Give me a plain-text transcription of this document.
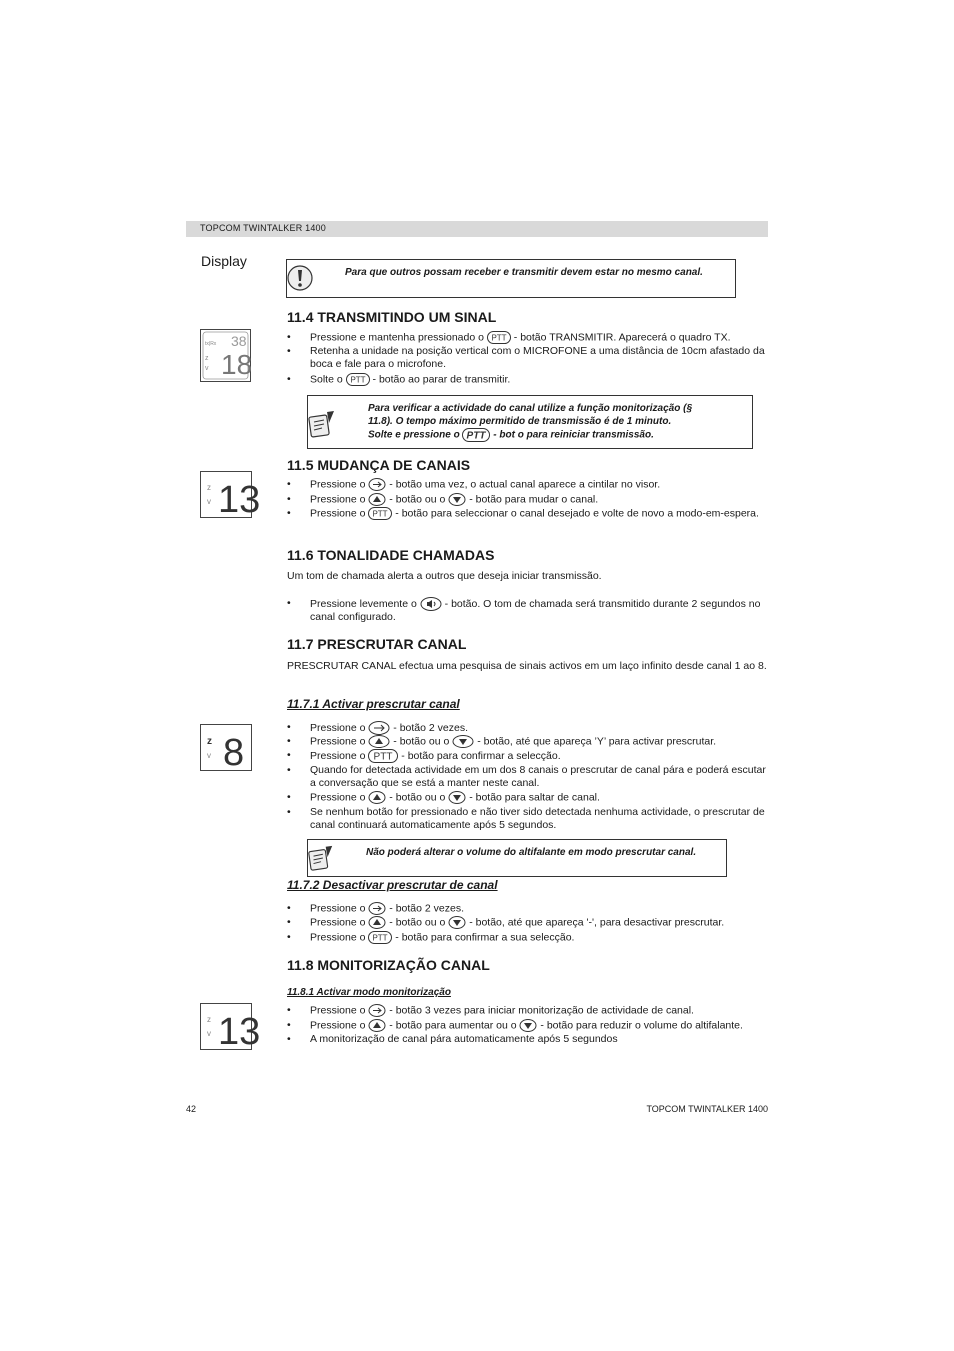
TOPCOM TWINTALKER 1400
Display
Para que outros possam receber e transmitir devem estar no mesmo canal.
11.4 TRANSMITINDO UM SINAL
tx|Rx 38
z
v 18
• Pressione e mantenha pressionado o PTT - botão TRANSMITIR. Aparecerá o quadro TX.
• Retenha a unidade na posição vertical com o MICROFONE a uma distância de 10cm afastado da boca e fale para o microfone.
• Solte o PTT - botão ao parar de transmitir.
Para verificar a actividade do canal utilize a função monitorização (§
11.8). O tempo máximo permitido de transmissão é de 1 minuto.
Solte e pressione o PTT - bot o para reiniciar transmissão.
11.5 MUDANÇA DE CANAIS
z
v 13	• Pressione o - botão uma vez, o actual canal aparece a cintilar no visor.
• Pressione o - botão ou o - botão para mudar o canal.
• Pressione o PTT - botão para seleccionar o canal desejado e volte de novo a modo-em-espera.
11.6 TONALIDADE CHAMADAS
Um tom de chamada alerta a outros que deseja iniciar transmissão.
• Pressione levemente o	- botão. O tom de chamada será transmitido durante 2 segundos no canal configurado.
11.7 PRESCRUTAR CANAL
PRESCRUTAR CANAL efectua uma pesquisa de sinais activos em um laço infinito desde canal 1 ao 8.
11.7.1 Activar prescrutar canal
z
v 8
• Pressione o	- botão 2 vezes.
• Pressione o	- botão ou o	- botão, até que apareça ’Y’ para activar prescrutar.
• Pressione o PTT - botão para confirmar a selecção.
• Quando for detectada actividade em um dos 8 canais o prescrutar de canal pára e poderá escutar a conversação que se está a manter neste canal.
• Pressione o - botão ou o - botão para saltar de canal.
• Se nenhum botão for pressionado e não tiver sido detectada nenhuma actividade, o prescrutar de canal continuará automaticamente após 5 segundos.
Não poderá alterar o volume do altifalante em modo prescrutar canal.
11.7.2 Desactivar prescrutar de canal
• Pressione o - botão 2 vezes.
• Pressione o - botão ou o - botão, até que apareça '-', para desactivar prescrutar.
• Pressione o PTT - botão para confirmar a sua selecção.
11.8 MONITORIZAÇÃO CANAL
11.8.1 Activar modo monitorização
z
v 13
• Pressione o - botão 3 vezes para iniciar monitorização de actividade de canal.
• Pressione o - botão para aumentar ou o - botão para reduzir o volume do altifalante.
• A monitorização de canal pára automaticamente após 5 segundos
42	TOPCOM TWINTALKER 1400
